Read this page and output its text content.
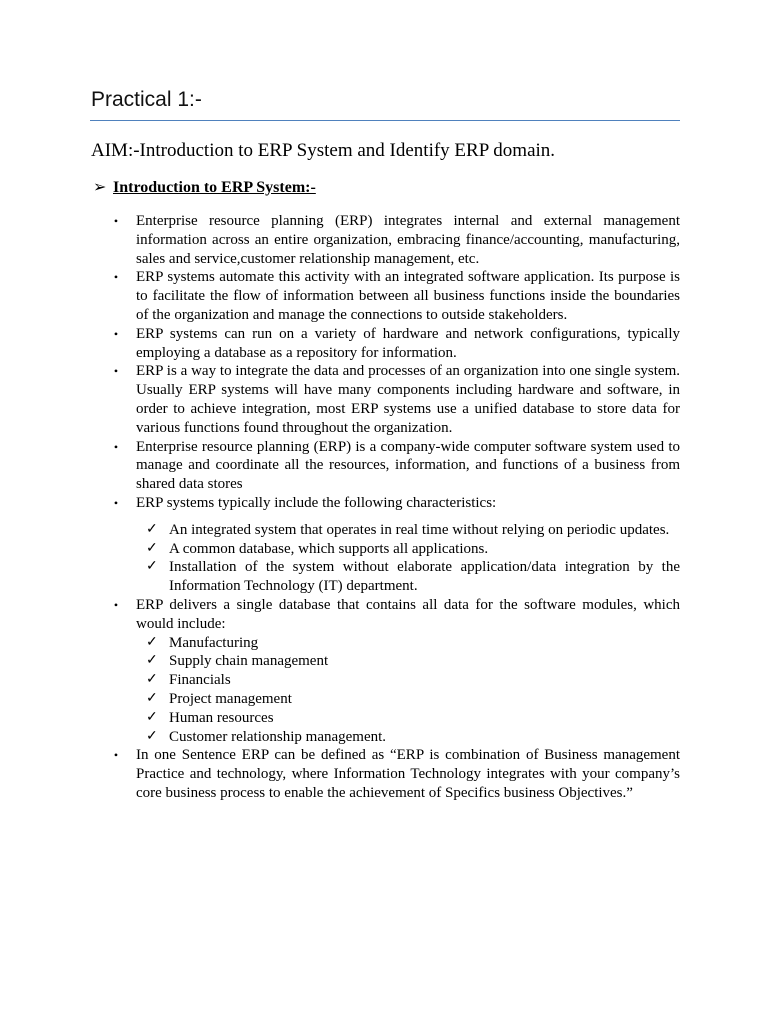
Practical 1:-
AIM:-Introduction to ERP System and Identify ERP domain.
➢ Introduction to ERP System:-
• Enterprise resource planning (ERP) integrates internal and external management information across an entire organization, embracing finance/accounting, manufacturing, sales and service,customer relationship management, etc.
• ERP systems automate this activity with an integrated software application. Its purpose is to facilitate the flow of information between all business functions inside the boundaries of the organization and manage the connections to outside stakeholders.
• ERP systems can run on a variety of hardware and network configurations, typically employing a database as a repository for information.
• ERP is a way to integrate the data and processes of an organization into one single system. Usually ERP systems will have many components including hardware and software, in order to achieve integration, most ERP systems use a unified database to store data for various functions found throughout the organization.
• Enterprise resource planning (ERP) is a company-wide computer software system used to manage and coordinate all the resources, information, and functions of a business from shared data stores
• ERP systems typically include the following characteristics:
✓ An integrated system that operates in real time without relying on periodic updates.
✓ A common database, which supports all applications.
✓ Installation of the system without elaborate application/data integration by the Information Technology (IT) department.
• ERP delivers a single database that contains all data for the software modules, which would include:
✓ Manufacturing
✓ Supply chain management
✓ Financials
✓ Project management
✓ Human resources
✓ Customer relationship management.
• In one Sentence ERP can be defined as “ERP is combination of Business management Practice and technology, where Information Technology integrates with your company’s core business process to enable the achievement of Specifics business Objectives.”
